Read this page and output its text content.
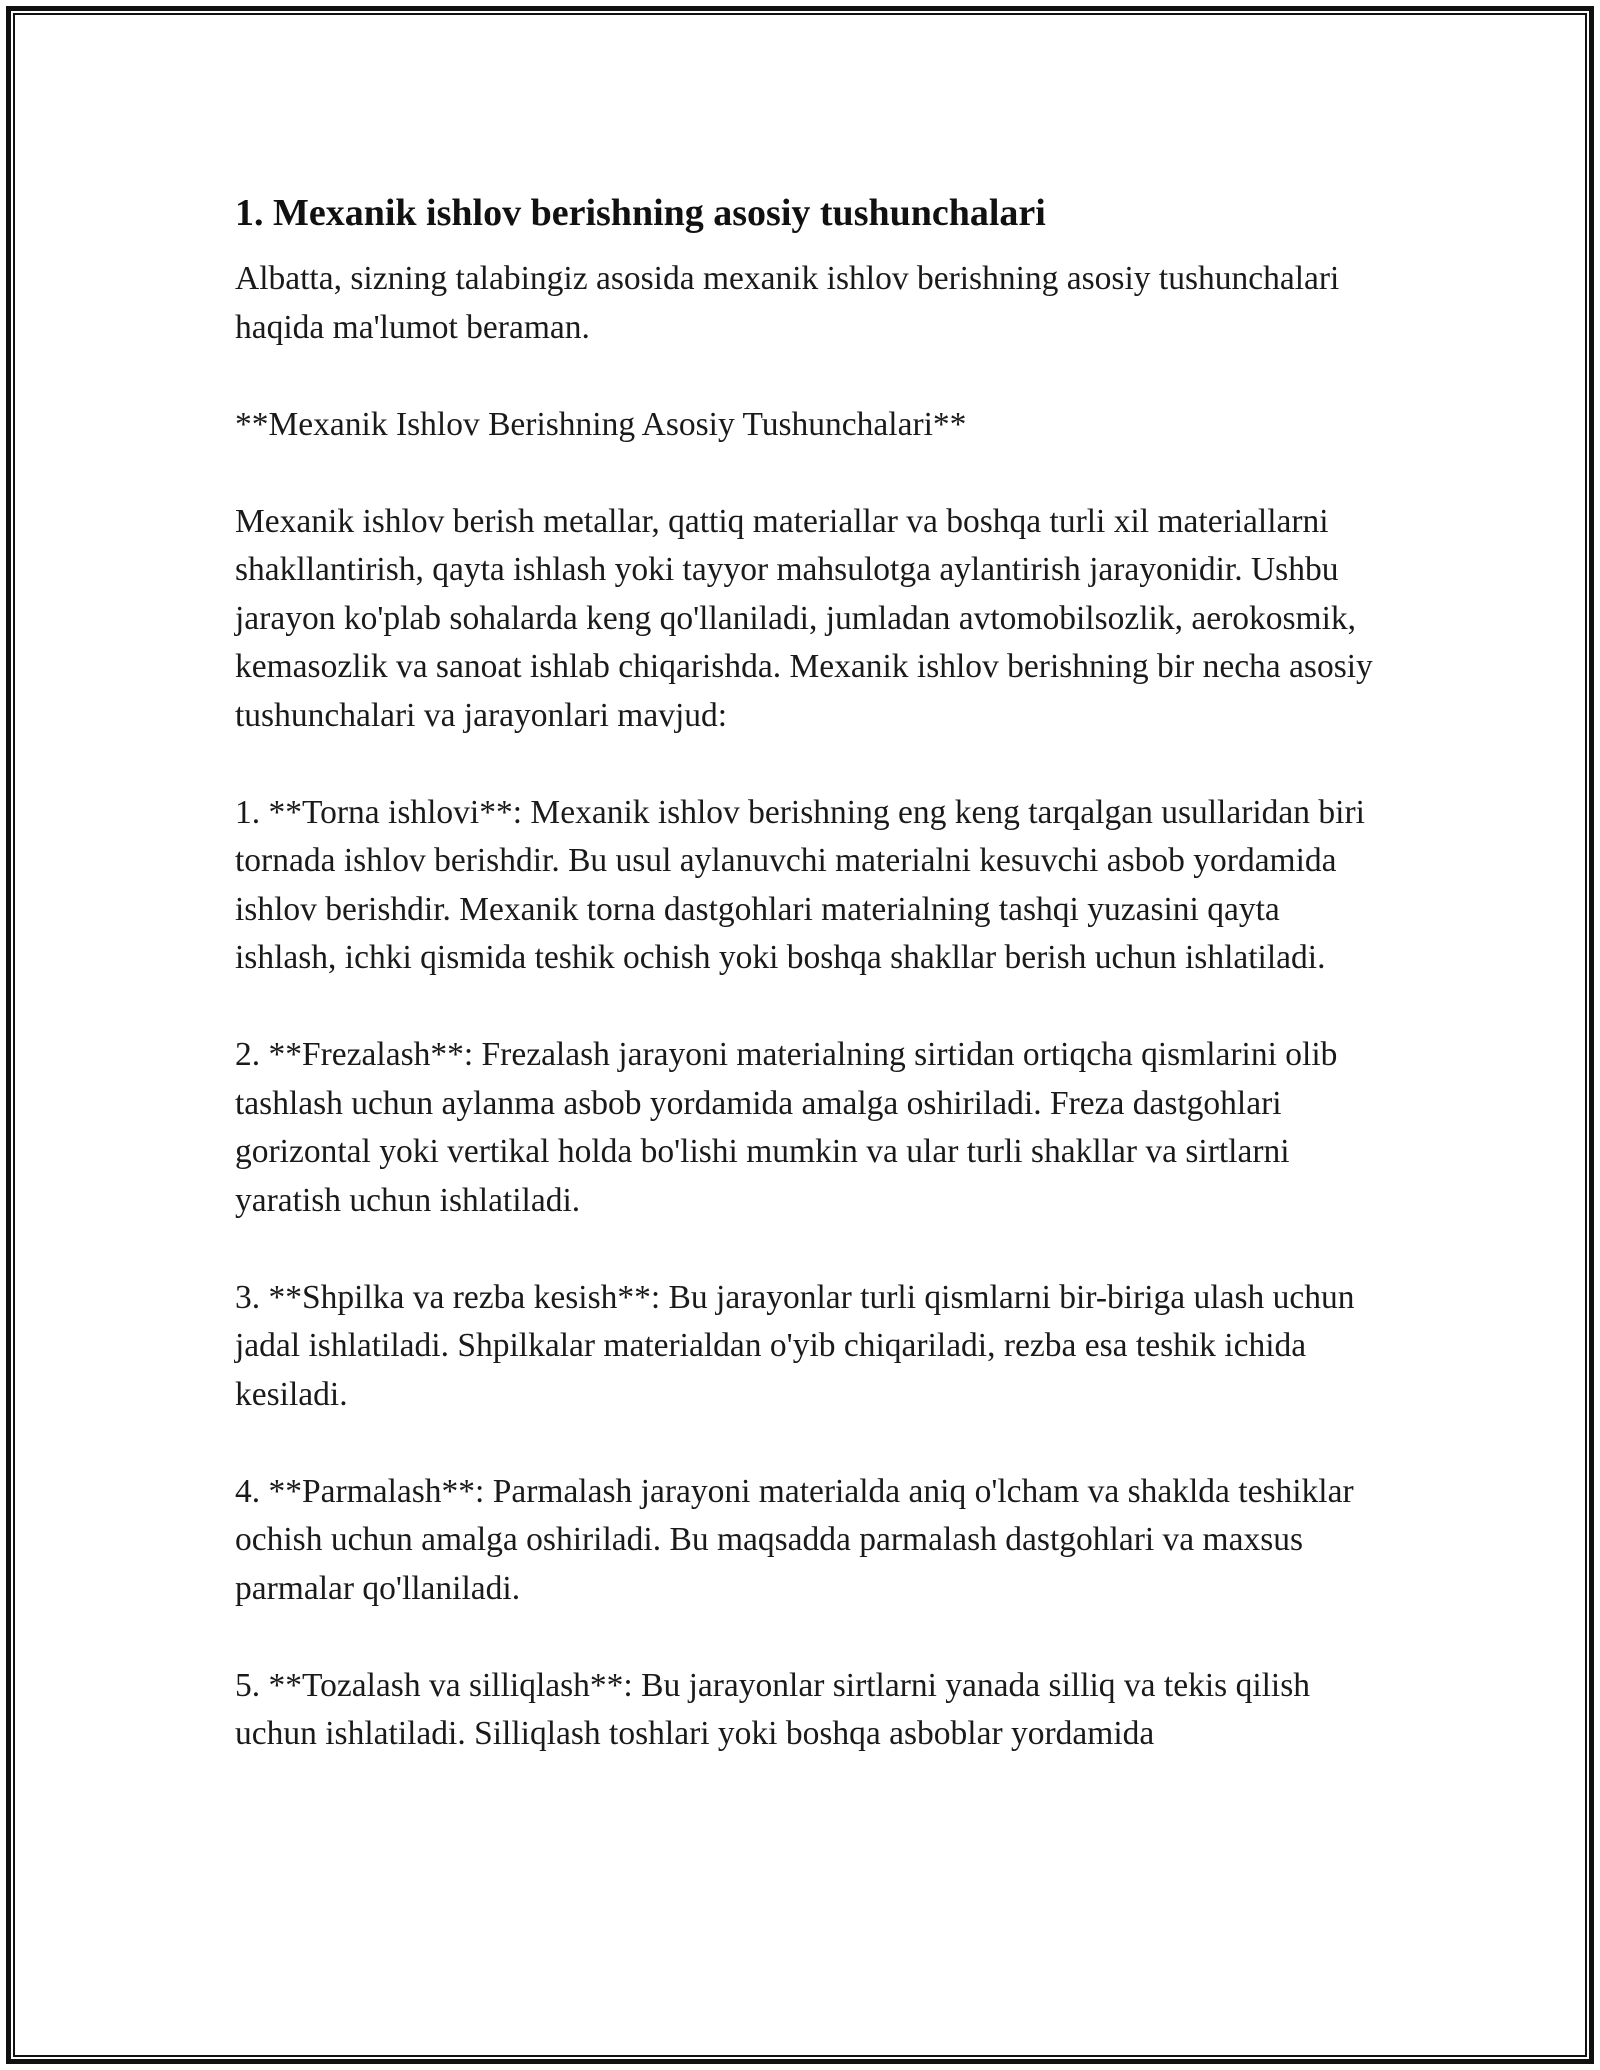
1. Mexanik ishlov berishning asosiy tushunchalari

Albatta, sizning talabingiz asosida mexanik ishlov berishning asosiy tushunchalari haqida ma'lumot beraman.

**Mexanik Ishlov Berishning Asosiy Tushunchalari**

Mexanik ishlov berish metallar, qattiq materiallar va boshqa turli xil materiallarni shakllantirish, qayta ishlash yoki tayyor mahsulotga aylantirish jarayonidir. Ushbu jarayon ko'plab sohalarda keng qo'llaniladi, jumladan avtomobilsozlik, aerokosmik, kemasozlik va sanoat ishlab chiqarishda. Mexanik ishlov berishning bir necha asosiy tushunchalari va jarayonlari mavjud:

1. **Torna ishlovi**: Mexanik ishlov berishning eng keng tarqalgan usullaridan biri tornada ishlov berishdir. Bu usul aylanuvchi materialni kesuvchi asbob yordamida ishlov berishdir. Mexanik torna dastgohlari materialning tashqi yuzasini qayta ishlash, ichki qismida teshik ochish yoki boshqa shakllar berish uchun ishlatiladi.

2. **Frezalash**: Frezalash jarayoni materialning sirtidan ortiqcha qismlarini olib tashlash uchun aylanma asbob yordamida amalga oshiriladi. Freza dastgohlari gorizontal yoki vertikal holda bo'lishi mumkin va ular turli shakllar va sirtlarni yaratish uchun ishlatiladi.

3. **Shpilka va rezba kesish**: Bu jarayonlar turli qismlarni bir-biriga ulash uchun jadal ishlatiladi. Shpilkalar materialdan o'yib chiqariladi, rezba esa teshik ichida kesiladi.

4. **Parmalash**: Parmalash jarayoni materialda aniq o'lcham va shaklda teshiklar ochish uchun amalga oshiriladi. Bu maqsadda parmalash dastgohlari va maxsus parmalar qo'llaniladi.

5. **Tozalash va silliqlash**: Bu jarayonlar sirtlarni yanada silliq va tekis qilish uchun ishlatiladi. Silliqlash toshlari yoki boshqa asboblar yordamida
